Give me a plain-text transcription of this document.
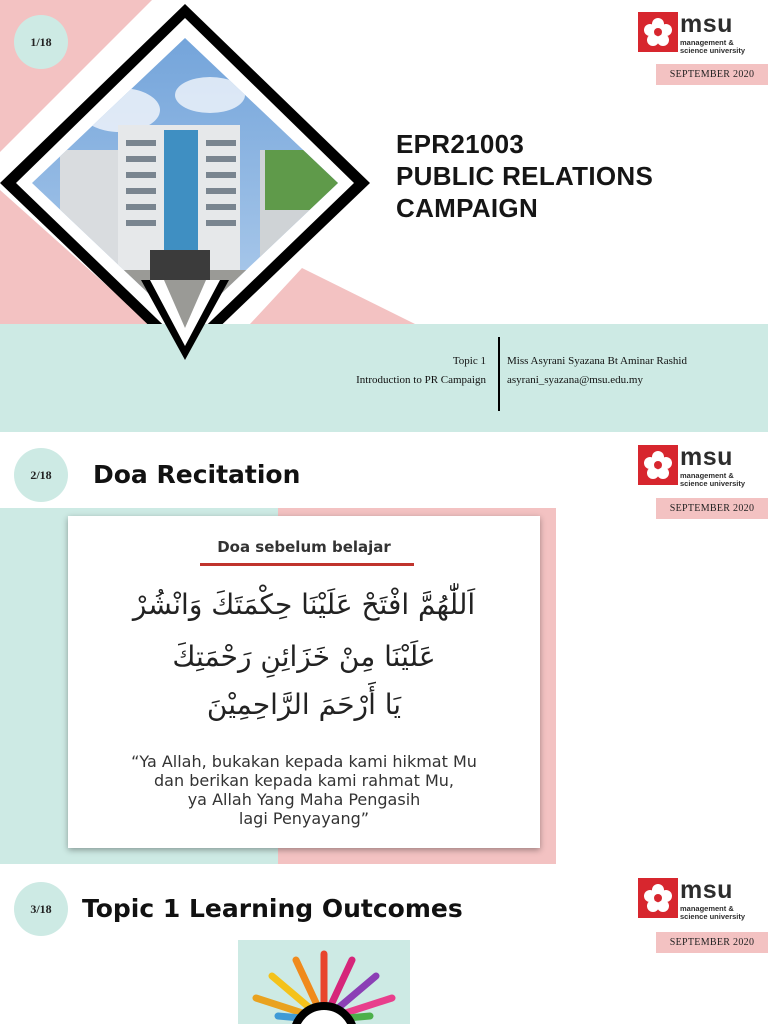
1/18
msu
management &
science university
SEPTEMBER 2020
EPR21003
PUBLIC RELATIONS
CAMPAIGN
Topic 1
Introduction to PR Campaign
Miss Asyrani Syazana Bt Aminar Rashid
asyrani_syazana@msu.edu.my
2/18 Doa Recitation
msu
management &
science university
SEPTEMBER 2020
Doa sebelum belajar
اَللّٰهُمَّ افْتَحْ عَلَيْنَا حِكْمَتَكَ وَانْشُرْ
عَلَيْنَا مِنْ خَزَائِنِ رَحْمَتِكَ
يَا أَرْحَمَ الرَّاحِمِيْنَ
“Ya Allah, bukakan kepada kami hikmat Mu
dan berikan kepada kami rahmat Mu,
ya Allah Yang Maha Pengasih
lagi Penyayang”
3/18 Topic 1 Learning Outcomes
msu
management &
science university
SEPTEMBER 2020
